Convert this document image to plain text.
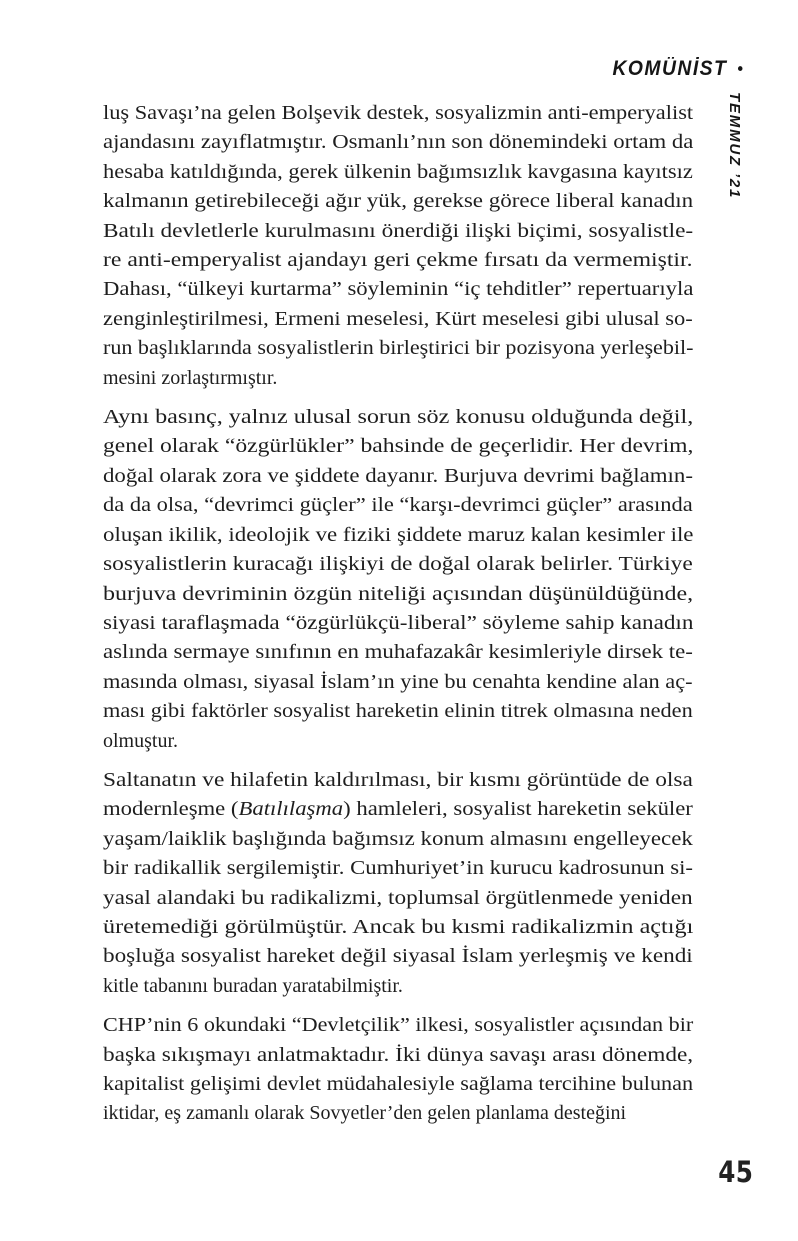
KOMÜNİST •
TEMMUZ ’21
luş Savaşı’na gelen Bolşevik destek, sosyalizmin anti-emperyalist
ajandasını zayıflatmıştır. Osmanlı’nın son dönemindeki ortam da
hesaba katıldığında, gerek ülkenin bağımsızlık kavgasına kayıtsız
kalmanın getirebileceği ağır yük, gerekse görece liberal kanadın
Batılı devletlerle kurulmasını önerdiği ilişki biçimi, sosyalistle-
re anti-emperyalist ajandayı geri çekme fırsatı da vermemiştir.
Dahası, “ülkeyi kurtarma” söyleminin “iç tehditler” repertuarıyla
zenginleştirilmesi, Ermeni meselesi, Kürt meselesi gibi ulusal so-
run başlıklarında sosyalistlerin birleştirici bir pozisyona yerleşebil-
mesini zorlaştırmıştır.
Aynı basınç, yalnız ulusal sorun söz konusu olduğunda değil,
genel olarak “özgürlükler” bahsinde de geçerlidir. Her devrim,
doğal olarak zora ve şiddete dayanır. Burjuva devrimi bağlamın-
da da olsa, “devrimci güçler” ile “karşı-devrimci güçler” arasında
oluşan ikilik, ideolojik ve fiziki şiddete maruz kalan kesimler ile
sosyalistlerin kuracağı ilişkiyi de doğal olarak belirler. Türkiye
burjuva devriminin özgün niteliği açısından düşünüldüğünde,
siyasi taraflaşmada “özgürlükçü-liberal” söyleme sahip kanadın
aslında sermaye sınıfının en muhafazakâr kesimleriyle dirsek te-
masında olması, siyasal İslam’ın yine bu cenahta kendine alan aç-
ması gibi faktörler sosyalist hareketin elinin titrek olmasına neden
olmuştur.
Saltanatın ve hilafetin kaldırılması, bir kısmı görüntüde de olsa
modernleşme (Batılılaşma) hamleleri, sosyalist hareketin seküler
yaşam/laiklik başlığında bağımsız konum almasını engelleyecek
bir radikallik sergilemiştir. Cumhuriyet’in kurucu kadrosunun si-
yasal alandaki bu radikalizmi, toplumsal örgütlenmede yeniden
üretemediği görülmüştür. Ancak bu kısmi radikalizmin açtığı
boşluğa sosyalist hareket değil siyasal İslam yerleşmiş ve kendi
kitle tabanını buradan yaratabilmiştir.
CHP’nin 6 okundaki “Devletçilik” ilkesi, sosyalistler açısından bir
başka sıkışmayı anlatmaktadır. İki dünya savaşı arası dönemde,
kapitalist gelişimi devlet müdahalesiyle sağlama tercihine bulunan
iktidar, eş zamanlı olarak Sovyetler’den gelen planlama desteğini
45
